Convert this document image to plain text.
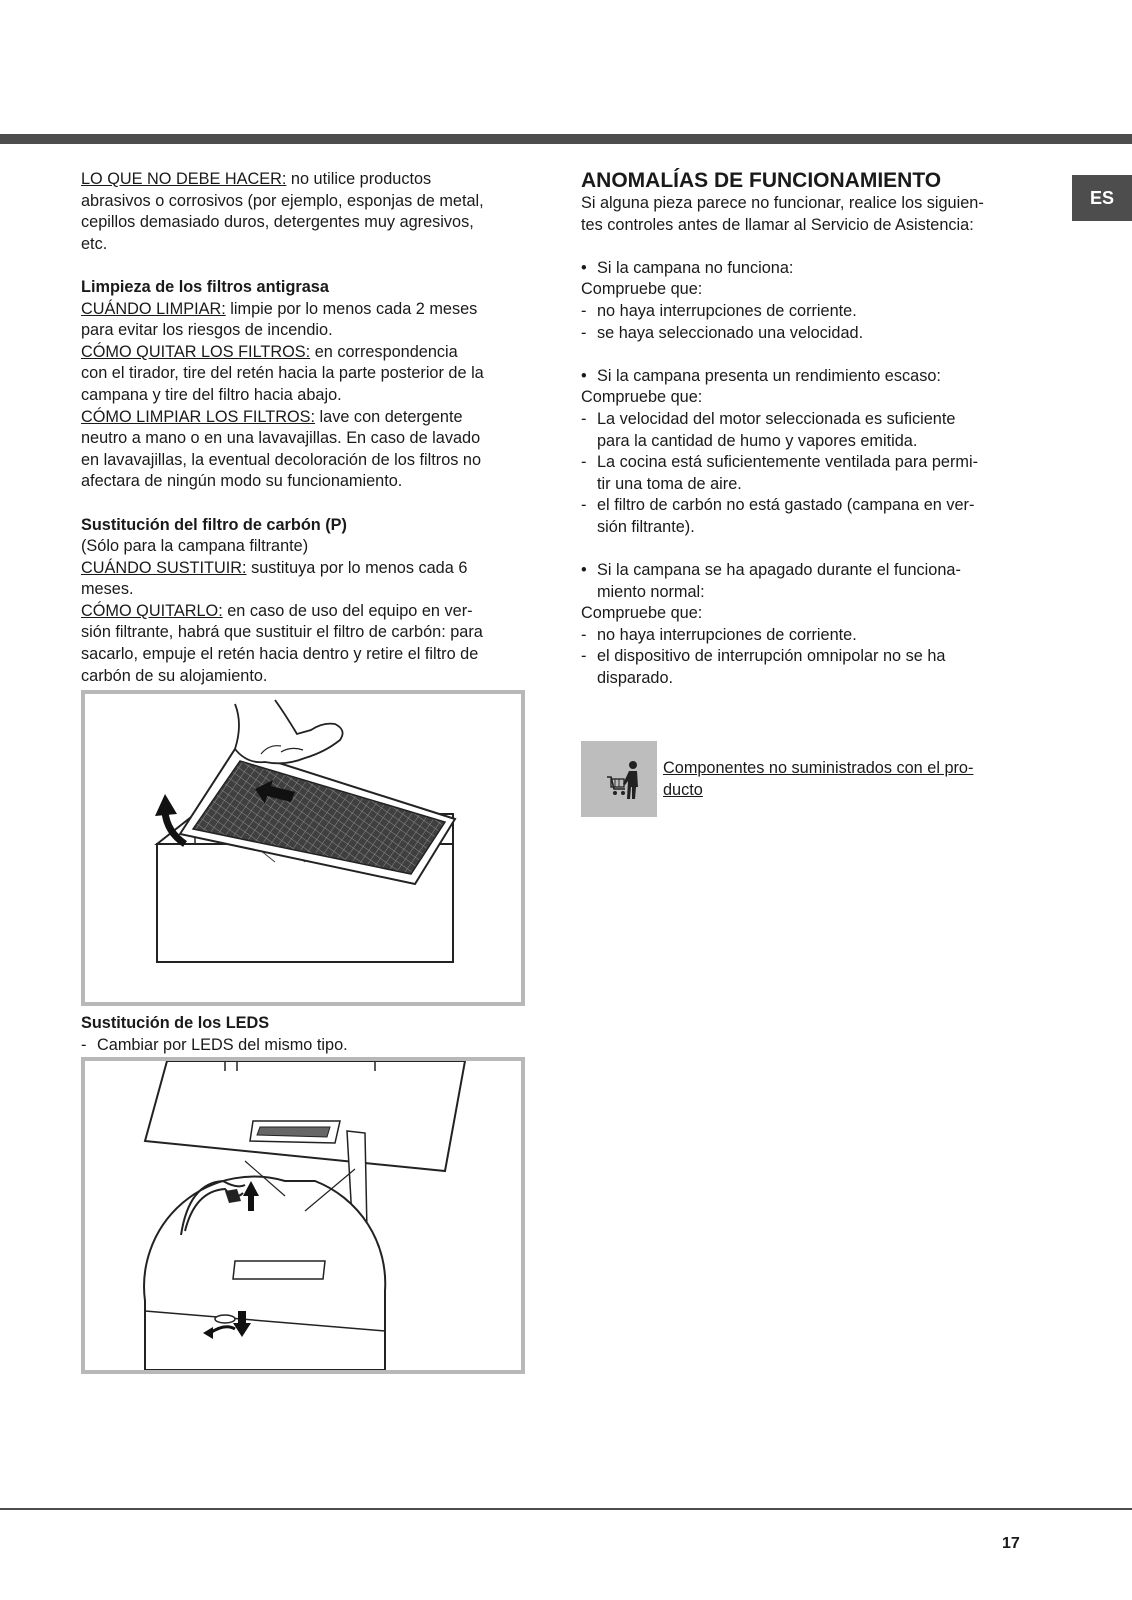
ES

LO QUE NO DEBE HACER: no utilice productos

abrasivos o corrosivos (por ejemplo, esponjas de metal,

cepillos demasiado duros, detergentes muy agresivos,

etc.

Limpieza de los filtros antigrasa

CUÁNDO LIMPIAR: limpie por lo menos cada 2 meses

para evitar los riesgos de incendio.

CÓMO QUITAR LOS FILTROS: en correspondencia

con el tirador, tire del retén hacia la parte posterior de la

campana y tire del filtro hacia abajo.

CÓMO LIMPIAR LOS FILTROS: lave con detergente

neutro a mano o en una lavavajillas. En caso de lavado

en lavavajillas, la eventual decoloración de los filtros no

afectara de ningún modo su funcionamiento.

Sustitución del filtro de carbón (P)

(Sólo para la campana filtrante)

CUÁNDO SUSTITUIR: sustituya por lo menos cada 6

meses.

CÓMO QUITARLO: en caso de uso del equipo en ver-

sión filtrante, habrá que sustituir el filtro de carbón: para

sacarlo, empuje el retén hacia dentro y retire el filtro de

carbón de su alojamiento.

Sustitución de los LEDS

- Cambiar por LEDS del mismo tipo.

ANOMALÍAS DE FUNCIONAMIENTO

Si alguna pieza parece no funcionar, realice los siguien-

tes controles antes de llamar al Servicio de Asistencia:

• Si la campana no funciona:

Compruebe que:

- no haya interrupciones de corriente.

- se haya seleccionado una velocidad.

• Si la campana presenta un rendimiento escaso:

Compruebe que:

- La velocidad del motor seleccionada es suficiente

para la cantidad de humo y vapores emitida.

- La cocina está suficientemente ventilada para permi-

tir una toma de aire.

- el filtro de carbón no está gastado (campana en ver-

sión filtrante).

• Si la campana se ha apagado durante el funciona-

miento normal:

Compruebe que:

- no haya interrupciones de corriente.

- el dispositivo de interrupción omnipolar no se ha

disparado.

Componentes no suministrados con el pro-
ducto
17
